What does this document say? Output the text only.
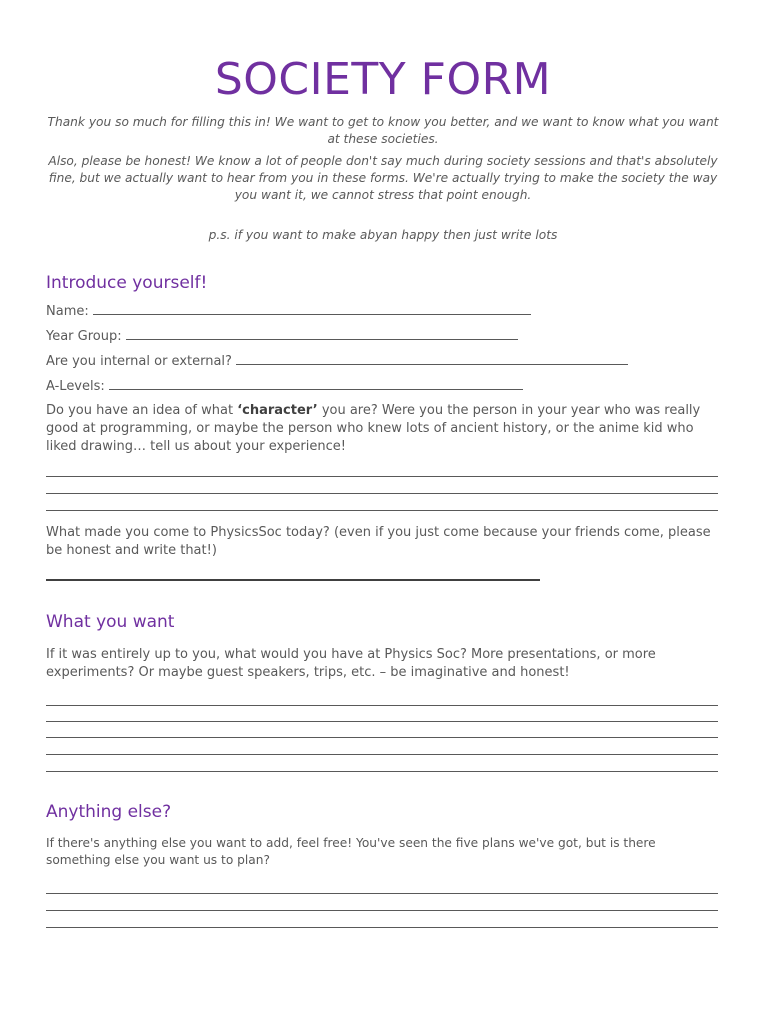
SOCIETY FORM
Thank you so much for filling this in! We want to get to know you better, and we want to know what you want at these societies.
Also, please be honest! We know a lot of people don't say much during society sessions and that's absolutely fine, but we actually want to hear from you in these forms. We're actually trying to make the society the way you want it, we cannot stress that point enough.
p.s. if you want to make abyan happy then just write lots
Introduce yourself!
Name:
Year Group:
Are you internal or external?
A-Levels:
Do you have an idea of what ‘character’ you are? Were you the person in your year who was really good at programming, or maybe the person who knew lots of ancient history, or the anime kid who liked drawing… tell us about your experience!
What made you come to PhysicsSoc today? (even if you just come because your friends come, please be honest and write that!)
What you want
If it was entirely up to you, what would you have at Physics Soc? More presentations, or more experiments? Or maybe guest speakers, trips, etc. – be imaginative and honest!
Anything else?
If there's anything else you want to add, feel free! You've seen the five plans we've got, but is there something else you want us to plan?
